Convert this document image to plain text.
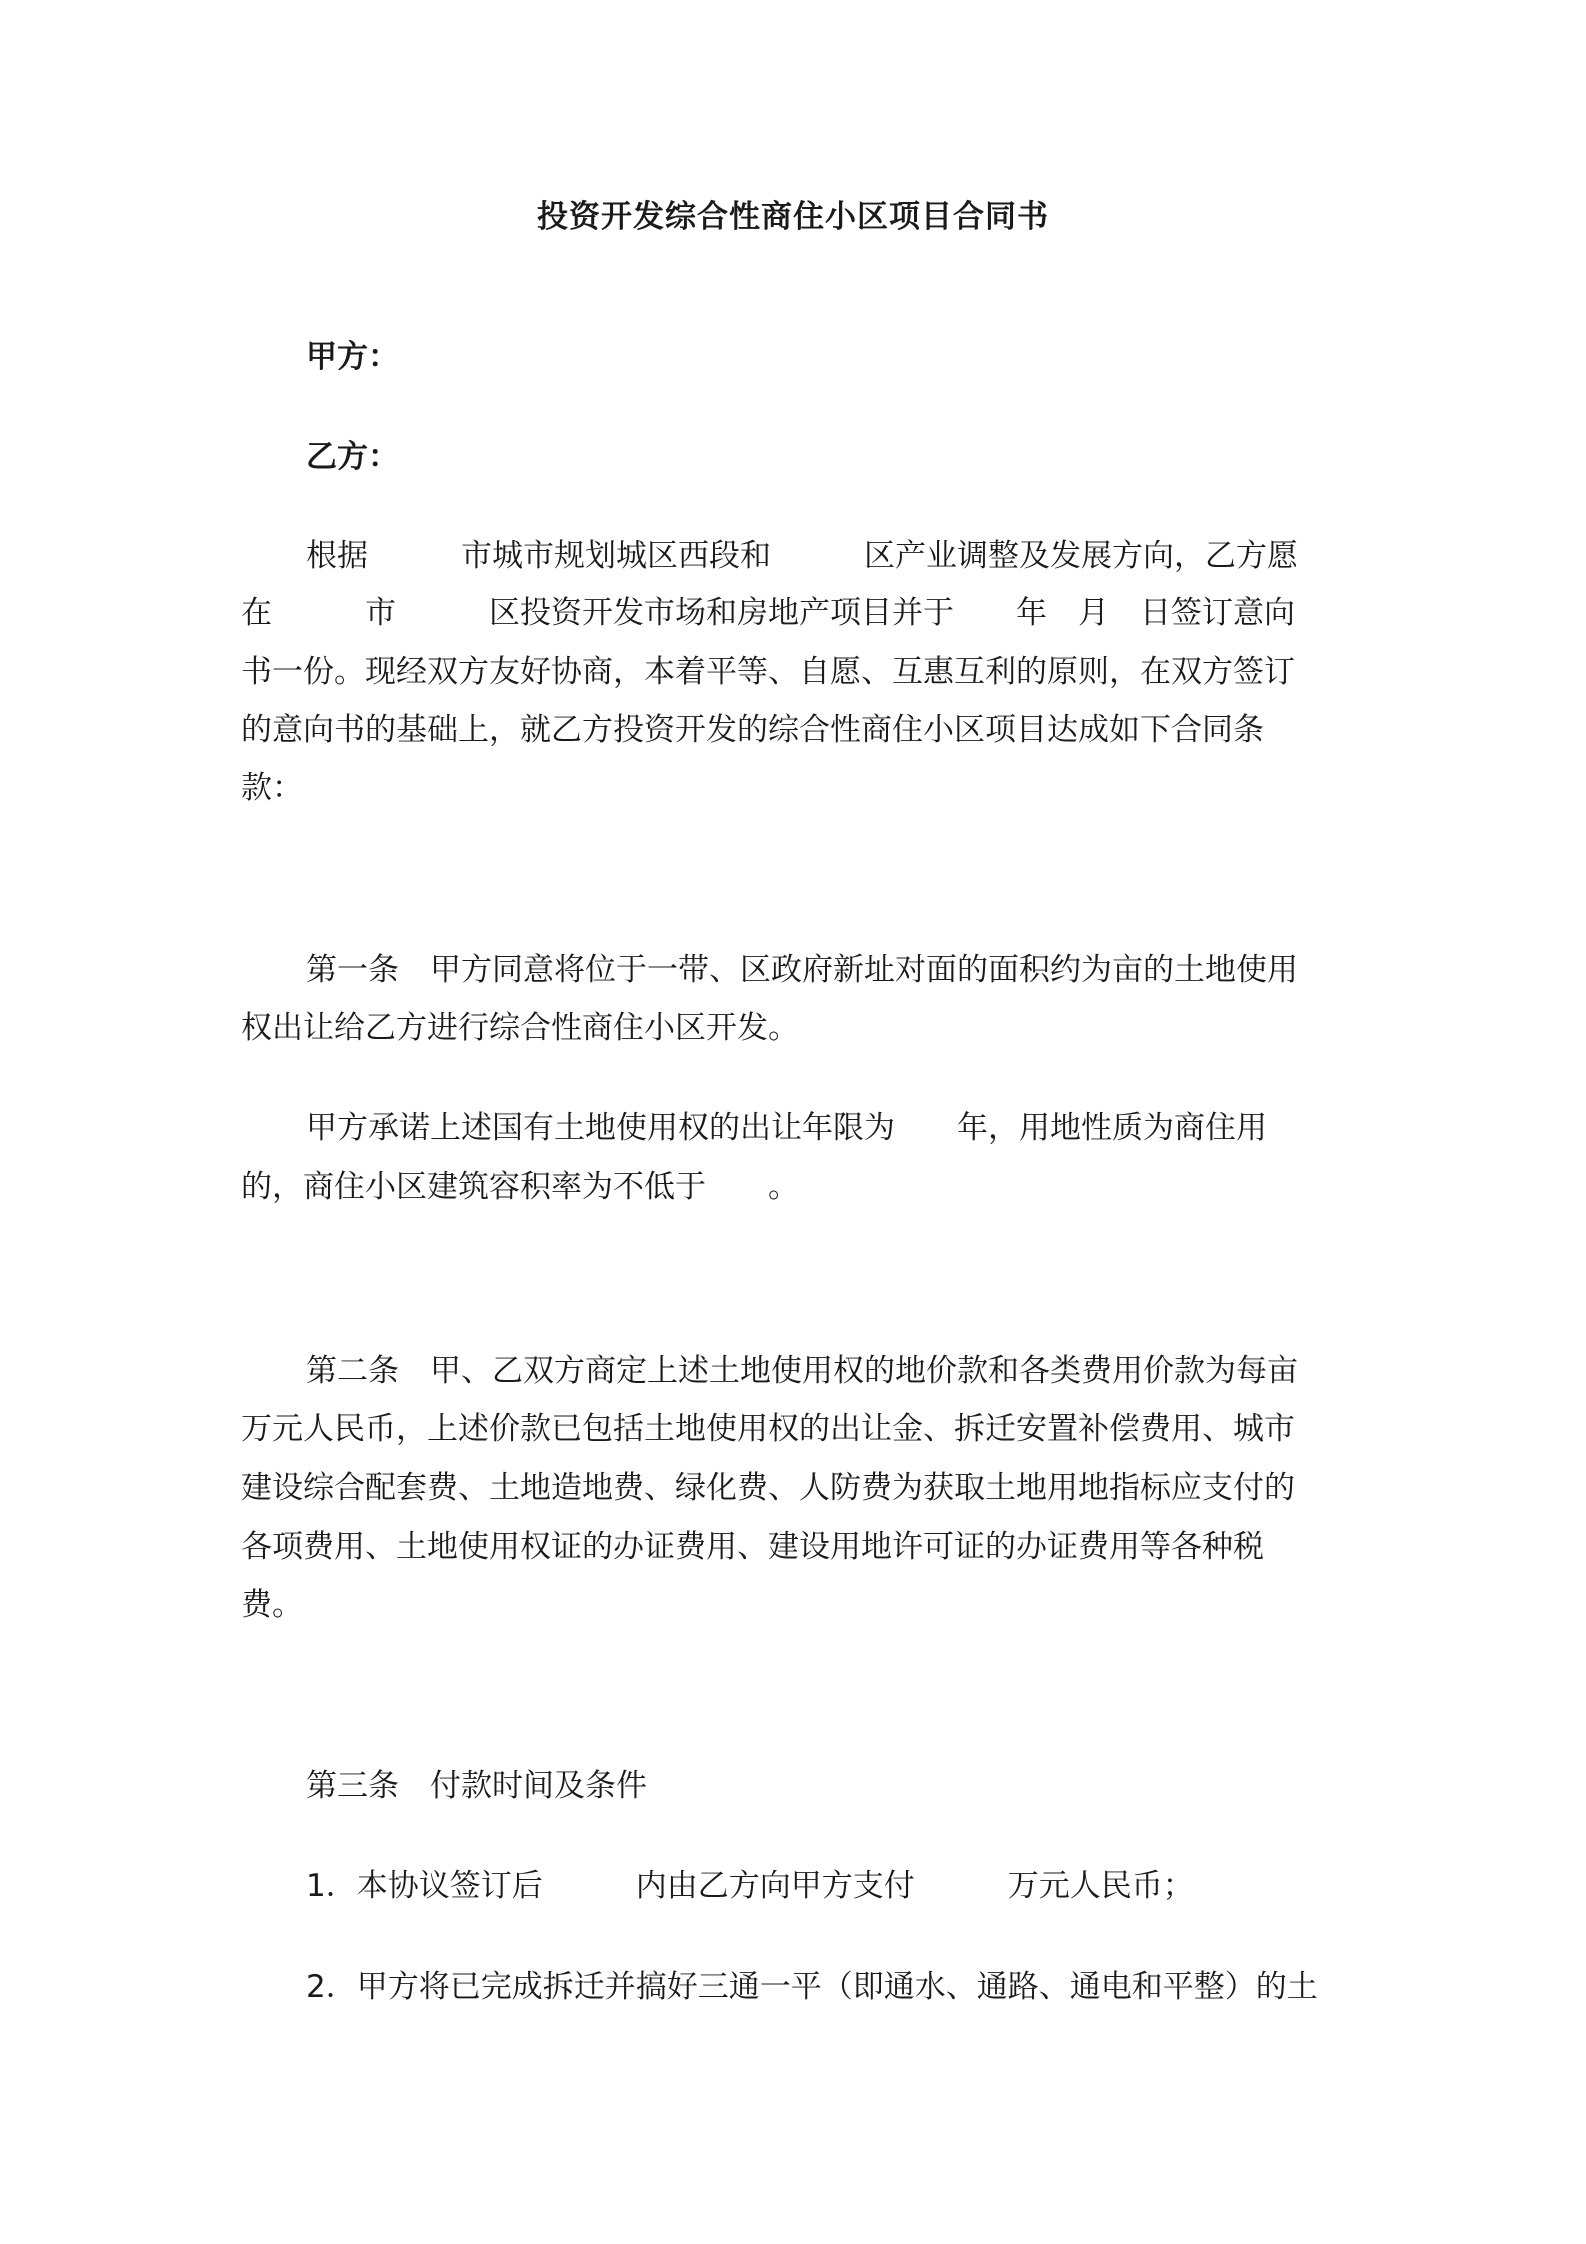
投资开发综合性商住小区项目合同书

甲方：

乙方：

根据　　　市城市规划城区西段和　　　区产业调整及发展方向，乙方愿

在　　　市　　　区投资开发市场和房地产项目并于　　年　月　日签订意向

书一份。现经双方友好协商，本着平等、自愿、互惠互利的原则，在双方签订

的意向书的基础上，就乙方投资开发的综合性商住小区项目达成如下合同条

款：

第一条　甲方同意将位于一带、区政府新址对面的面积约为亩的土地使用

权出让给乙方进行综合性商住小区开发。

甲方承诺上述国有土地使用权的出让年限为　　年，用地性质为商住用

的，商住小区建筑容积率为不低于　　。

第二条　甲、乙双方商定上述土地使用权的地价款和各类费用价款为每亩

万元人民币，上述价款已包括土地使用权的出让金、拆迁安置补偿费用、城市

建设综合配套费、土地造地费、绿化费、人防费为获取土地用地指标应支付的

各项费用、土地使用权证的办证费用、建设用地许可证的办证费用等各种税

费。

第三条　付款时间及条件

1．本协议签订后　　　内由乙方向甲方支付　　　万元人民币；

2．甲方将已完成拆迁并搞好三通一平（即通水、通路、通电和平整）的土
